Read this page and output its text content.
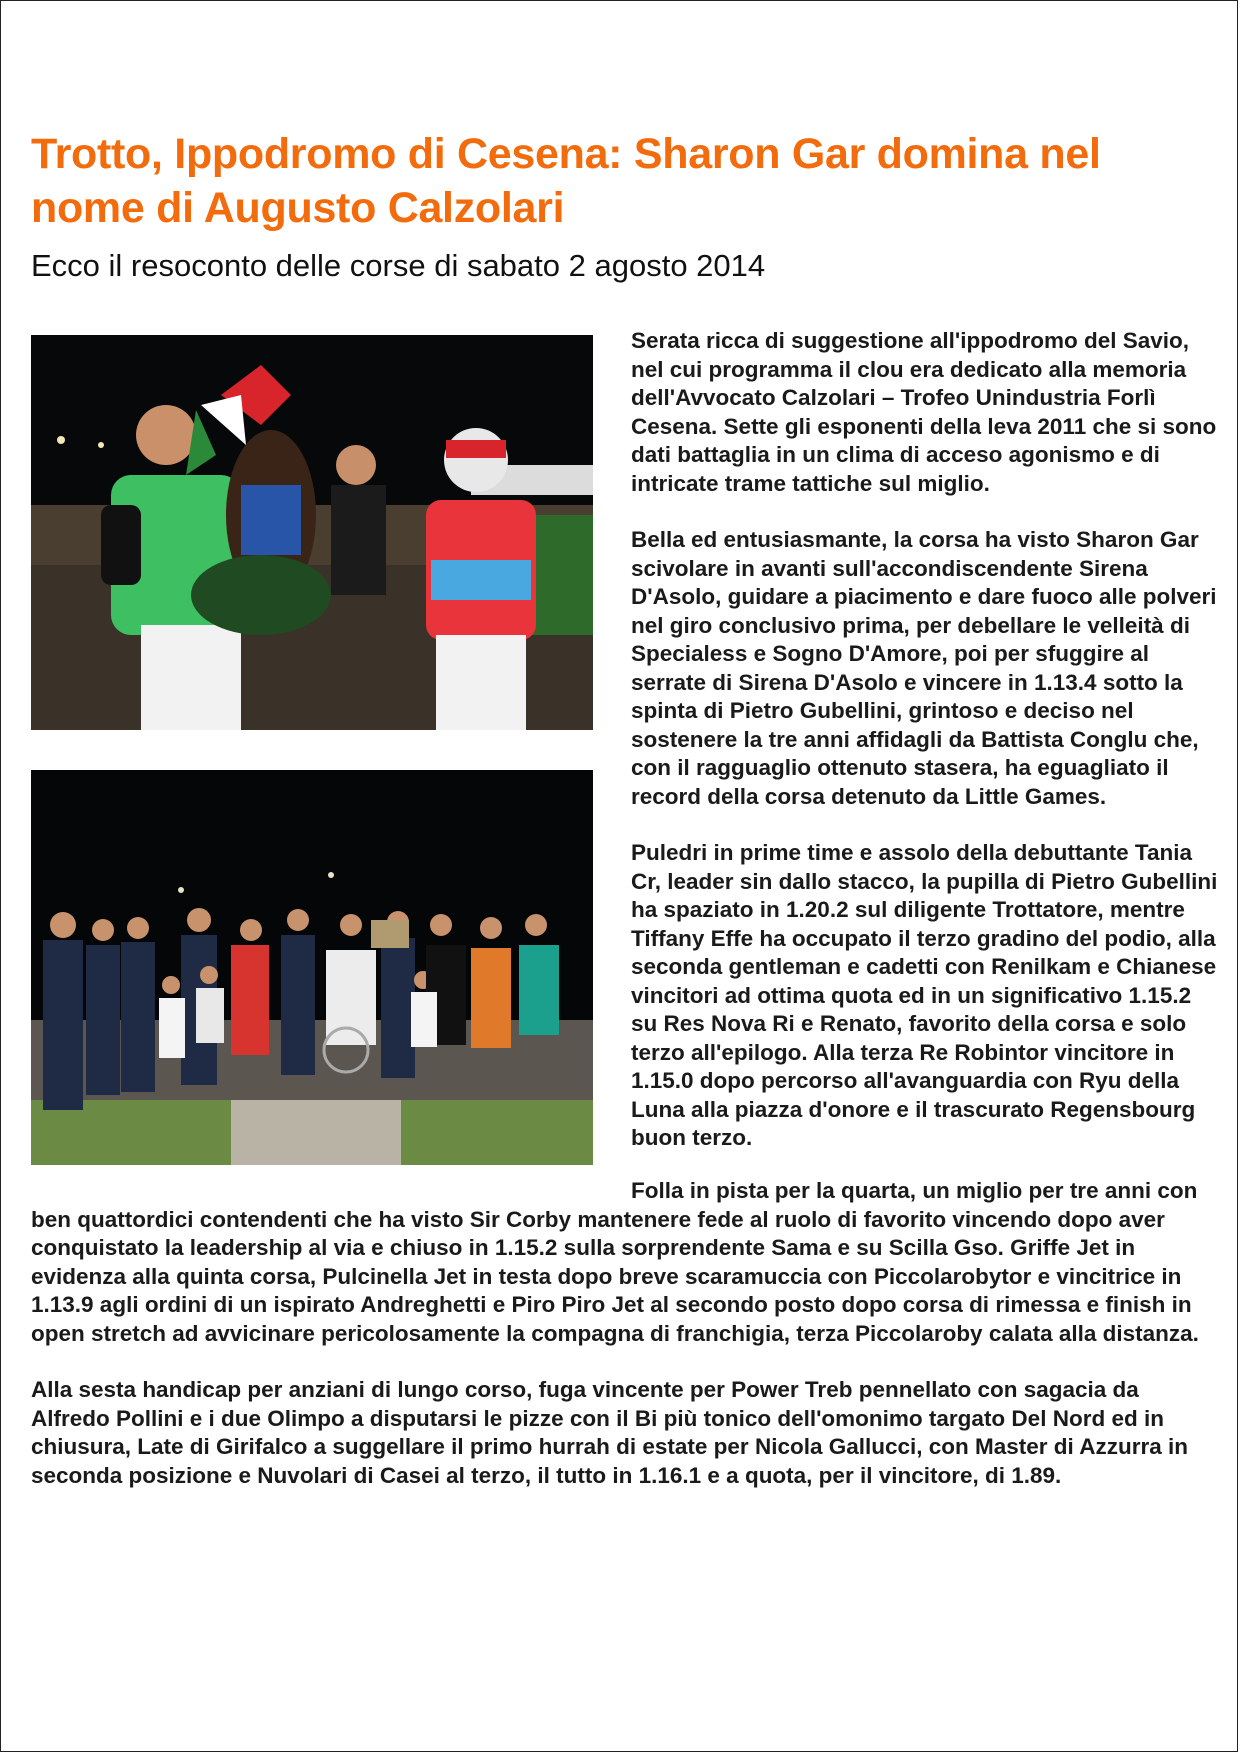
Trotto, Ippodromo di Cesena: Sharon Gar domina nel nome di Augusto Calzolari
Ecco il resoconto delle corse di sabato 2 agosto 2014

Serata ricca di suggestione all'ippodromo del Savio, nel cui programma il clou era dedicato alla memoria dell'Avvocato Calzolari – Trofeo Unindustria Forlì Cesena. Sette gli esponenti della leva 2011 che si sono dati battaglia in un clima di acceso agonismo e di intricate trame tattiche sul miglio.

Bella ed entusiasmante, la corsa ha visto Sharon Gar scivolare in avanti sull'accondiscendente Sirena D'Asolo, guidare a piacimento e dare fuoco alle polveri nel giro conclusivo prima, per debellare le velleità di Specialess e Sogno D'Amore, poi per sfuggire al serrate di Sirena D'Asolo e vincere in 1.13.4 sotto la spinta di Pietro Gubellini, grintoso e deciso nel sostenere la tre anni affidagli da Battista Conglu che, con il ragguaglio ottenuto stasera, ha eguagliato il record della corsa detenuto da Little Games.

Puledri in prime time e assolo della debuttante Tania Cr, leader sin dallo stacco, la pupilla di Pietro Gubellini ha spaziato in 1.20.2 sul diligente Trottatore, mentre Tiffany Effe ha occupato il terzo gradino del podio, alla seconda gentleman e cadetti con Renilkam e Chianese vincitori ad ottima quota ed in un significativo 1.15.2 su Res Nova Ri e Renato, favorito della corsa e solo terzo all'epilogo. Alla terza Re Robintor vincitore in 1.15.0 dopo percorso all'avanguardia con Ryu della Luna alla piazza d'onore e il trascurato Regensbourg buon terzo.

Folla in pista per la quarta, un miglio per tre anni con ben quattordici contendenti che ha visto Sir Corby mantenere fede al ruolo di favorito vincendo dopo aver conquistato la leadership al via e chiuso in 1.15.2 sulla sorprendente Sama e su Scilla Gso. Griffe Jet in evidenza alla quinta corsa, Pulcinella Jet in testa dopo breve scaramuccia con Piccolarobytor e vincitrice in 1.13.9 agli ordini di un ispirato Andreghetti e Piro Piro Jet al secondo posto dopo corsa di rimessa e finish in open stretch ad avvicinare pericolosamente la compagna di franchigia, terza Piccolaroby calata alla distanza.

Alla sesta handicap per anziani di lungo corso, fuga vincente per Power Treb pennellato con sagacia da Alfredo Pollini e i due Olimpo a disputarsi le pizze con il Bi più tonico dell'omonimo targato Del Nord ed in chiusura, Late di Girifalco a suggellare il primo hurrah di estate per Nicola Gallucci, con Master di Azzurra in seconda posizione e Nuvolari di Casei al terzo, il tutto in 1.16.1 e a quota, per il vincitore, di 1.89.
